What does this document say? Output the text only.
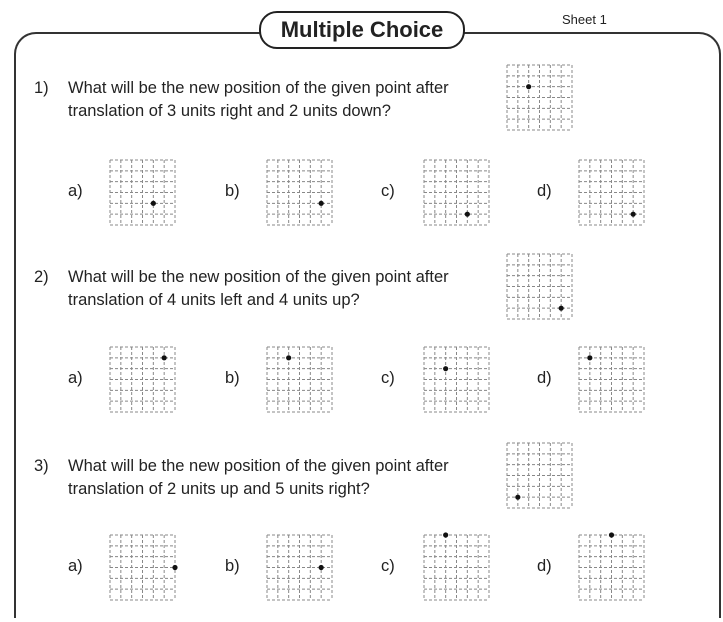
Multiple Choice	Sheet 1
1) What will be the new position of the given point after translation of 3 units right and 2 units down?
2) What will be the new position of the given point after translation of 4 units left and 4 units up?
3) What will be the new position of the given point after translation of 2 units up and 5 units right?
a)	b)	c)	d)
a)	b)	c)	d)
a)	b)	c)	d)
